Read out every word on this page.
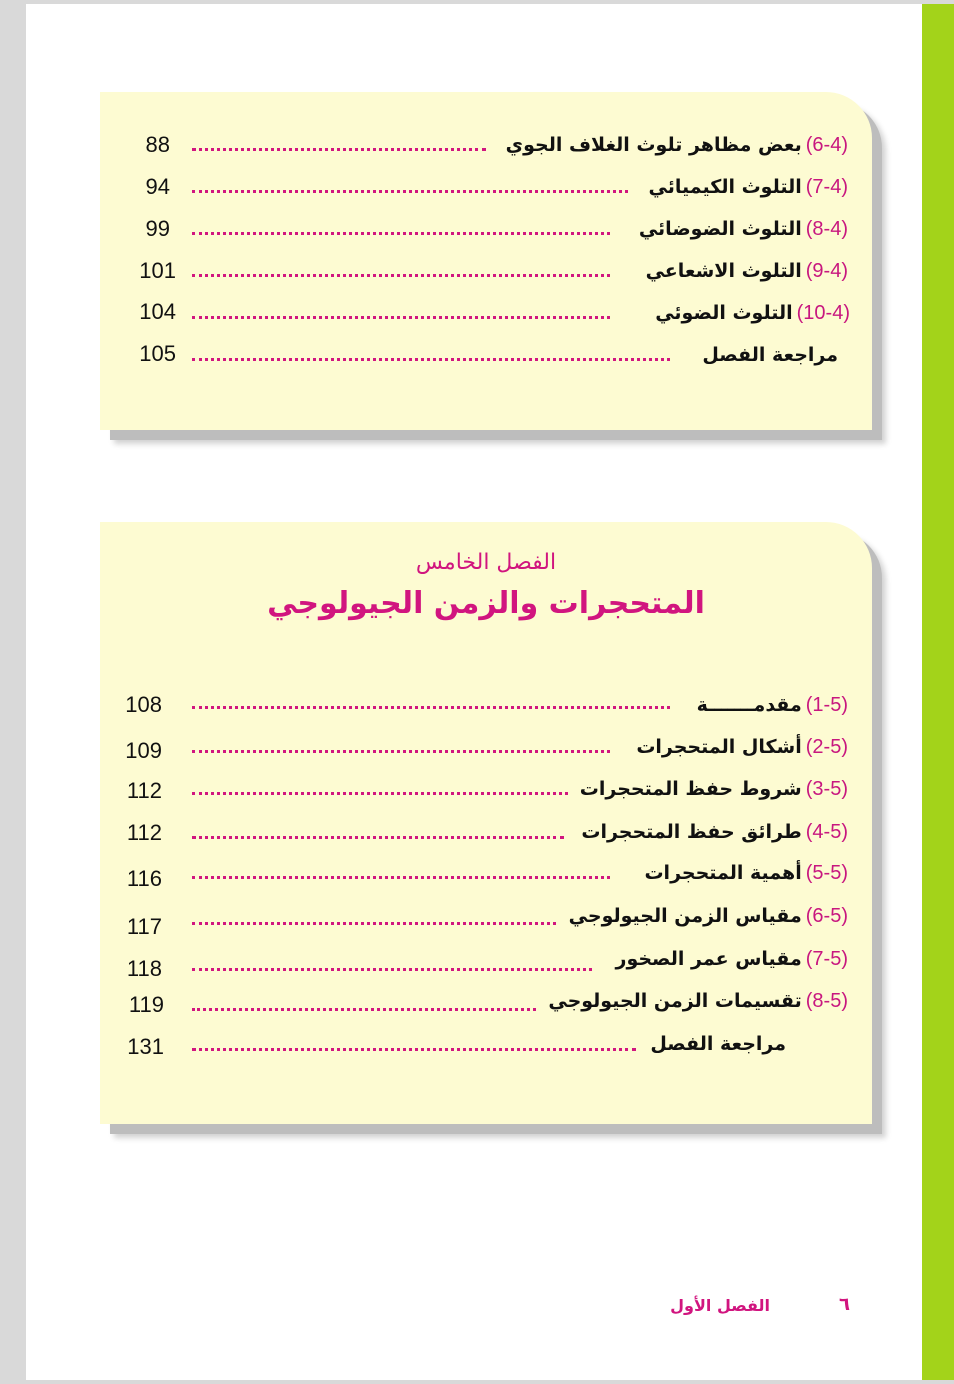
(6-4)
بعض مظاهر تلوث الغلاف الجوي
88
(7-4)
التلوث الكيميائي
94
(8-4)
التلوث الضوضائي
99
(9-4)
التلوث الاشعاعي
101
(10-4)
التلوث الضوئي
104
مراجعة الفصل
105
الفصل الخامس
المتحجرات والزمن الجيولوجي
(1-5)
مقدمـــــــة
108
(2-5)
أشكال المتحجرات
109
(3-5)
شروط حفظ المتحجرات
112
(4-5)
طرائق حفظ المتحجرات
112
(5-5)
أهمية المتحجرات
116
(6-5)
مقياس الزمن الجيولوجي
117
(7-5)
مقياس عمر الصخور
118
(8-5)
تقسيمات الزمن الجيولوجي
119
مراجعة الفصل
131
الفصل الأول	٦
